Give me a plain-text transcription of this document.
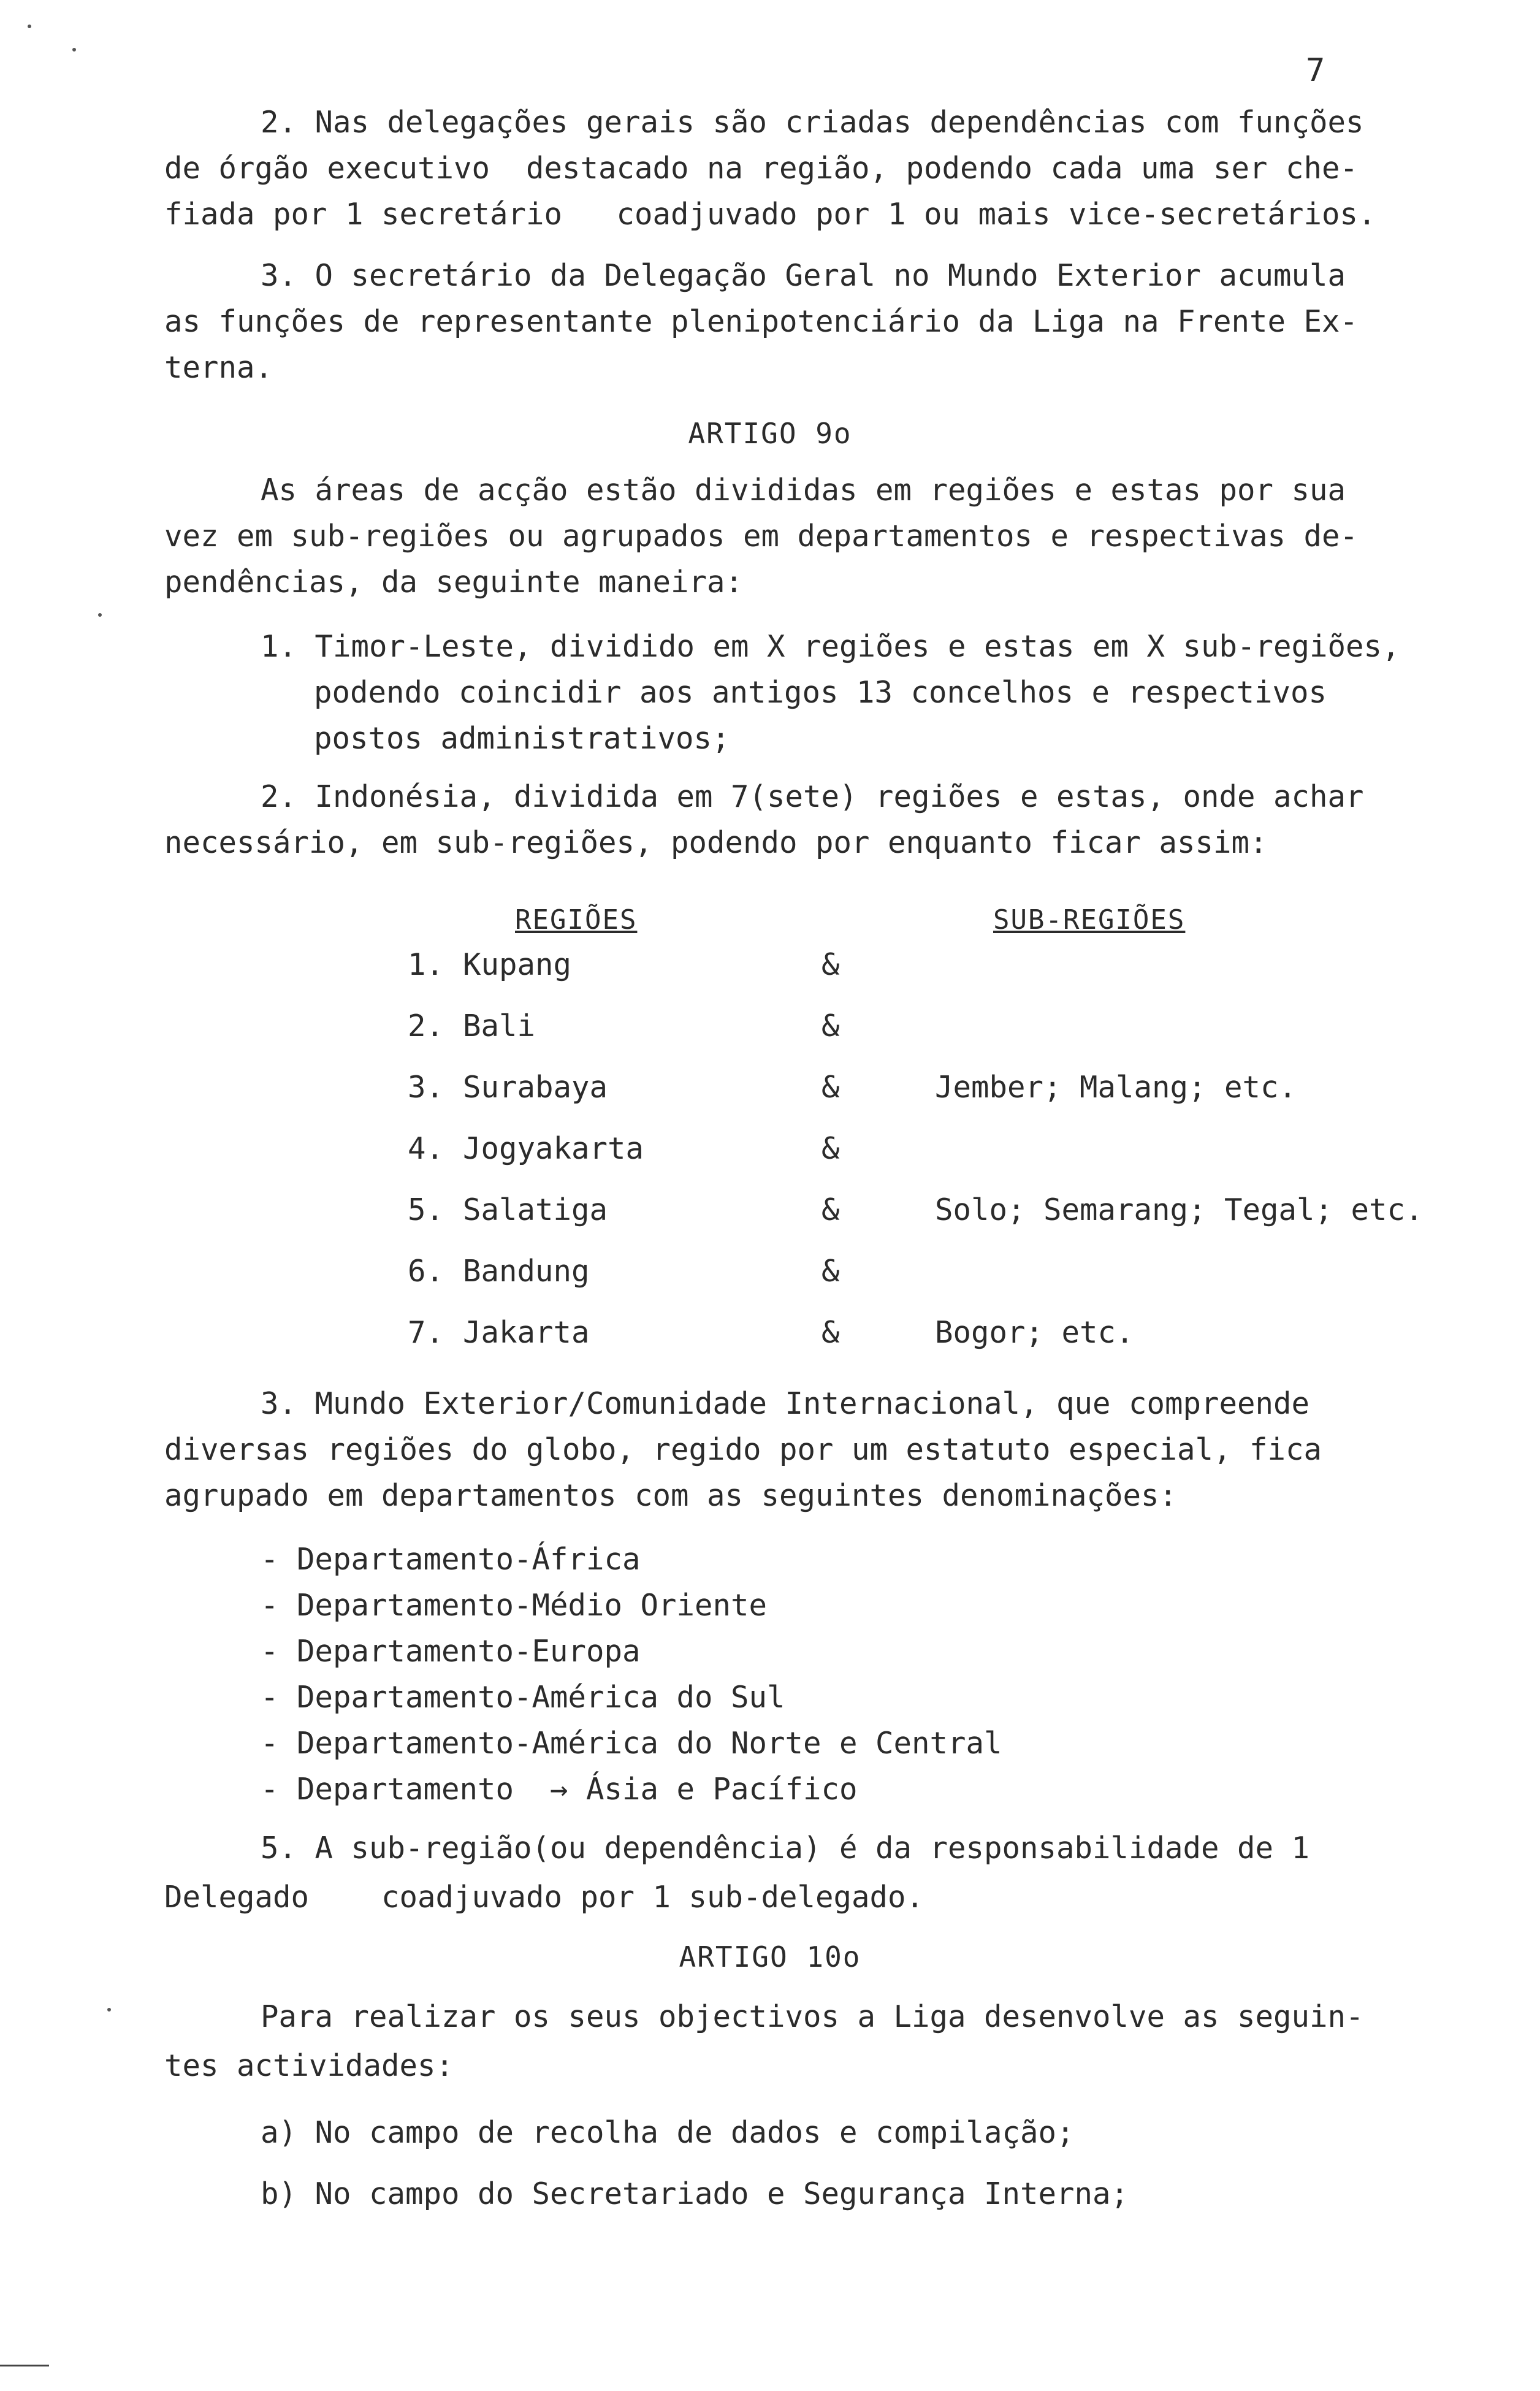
7
2. Nas delegações gerais são criadas dependências com funções
de órgão executivo  destacado na região, podendo cada uma ser che-
fiada por 1 secretário   coadjuvado por 1 ou mais vice-secretários.
3. O secretário da Delegação Geral no Mundo Exterior acumula
as funções de representante plenipotenciário da Liga na Frente Ex-
terna.
ARTIGO 9o
As áreas de acção estão divididas em regiões e estas por sua
vez em sub-regiões ou agrupados em departamentos e respectivas de-
pendências, da seguinte maneira:
1. Timor-Leste, dividido em X regiões e estas em X sub-regiões,
podendo coincidir aos antigos 13 concelhos e respectivos
postos administrativos;
2. Indonésia, dividida em 7(sete) regiões e estas, onde achar
necessário, em sub-regiões, podendo por enquanto ficar assim:
REGIÕES	SUB-REGIÕES
1. Kupang	&
2. Bali	&
3. Surabaya	&	Jember; Malang; etc.
4. Jogyakarta	&
5. Salatiga	&	Solo; Semarang; Tegal; etc.
6. Bandung	&
7. Jakarta	&	Bogor; etc.
3. Mundo Exterior/Comunidade Internacional, que compreende
diversas regiões do globo, regido por um estatuto especial, fica
agrupado em departamentos com as seguintes denominações:
- Departamento-África
- Departamento-Médio Oriente
- Departamento-Europa
- Departamento-América do Sul
- Departamento-América do Norte e Central
- Departamento  → Ásia e Pacífico
5. A sub-região(ou dependência) é da responsabilidade de 1
Delegado    coadjuvado por 1 sub-delegado.
ARTIGO 10o
Para realizar os seus objectivos a Liga desenvolve as seguin-
tes actividades:
a) No campo de recolha de dados e compilação;
b) No campo do Secretariado e Segurança Interna;
